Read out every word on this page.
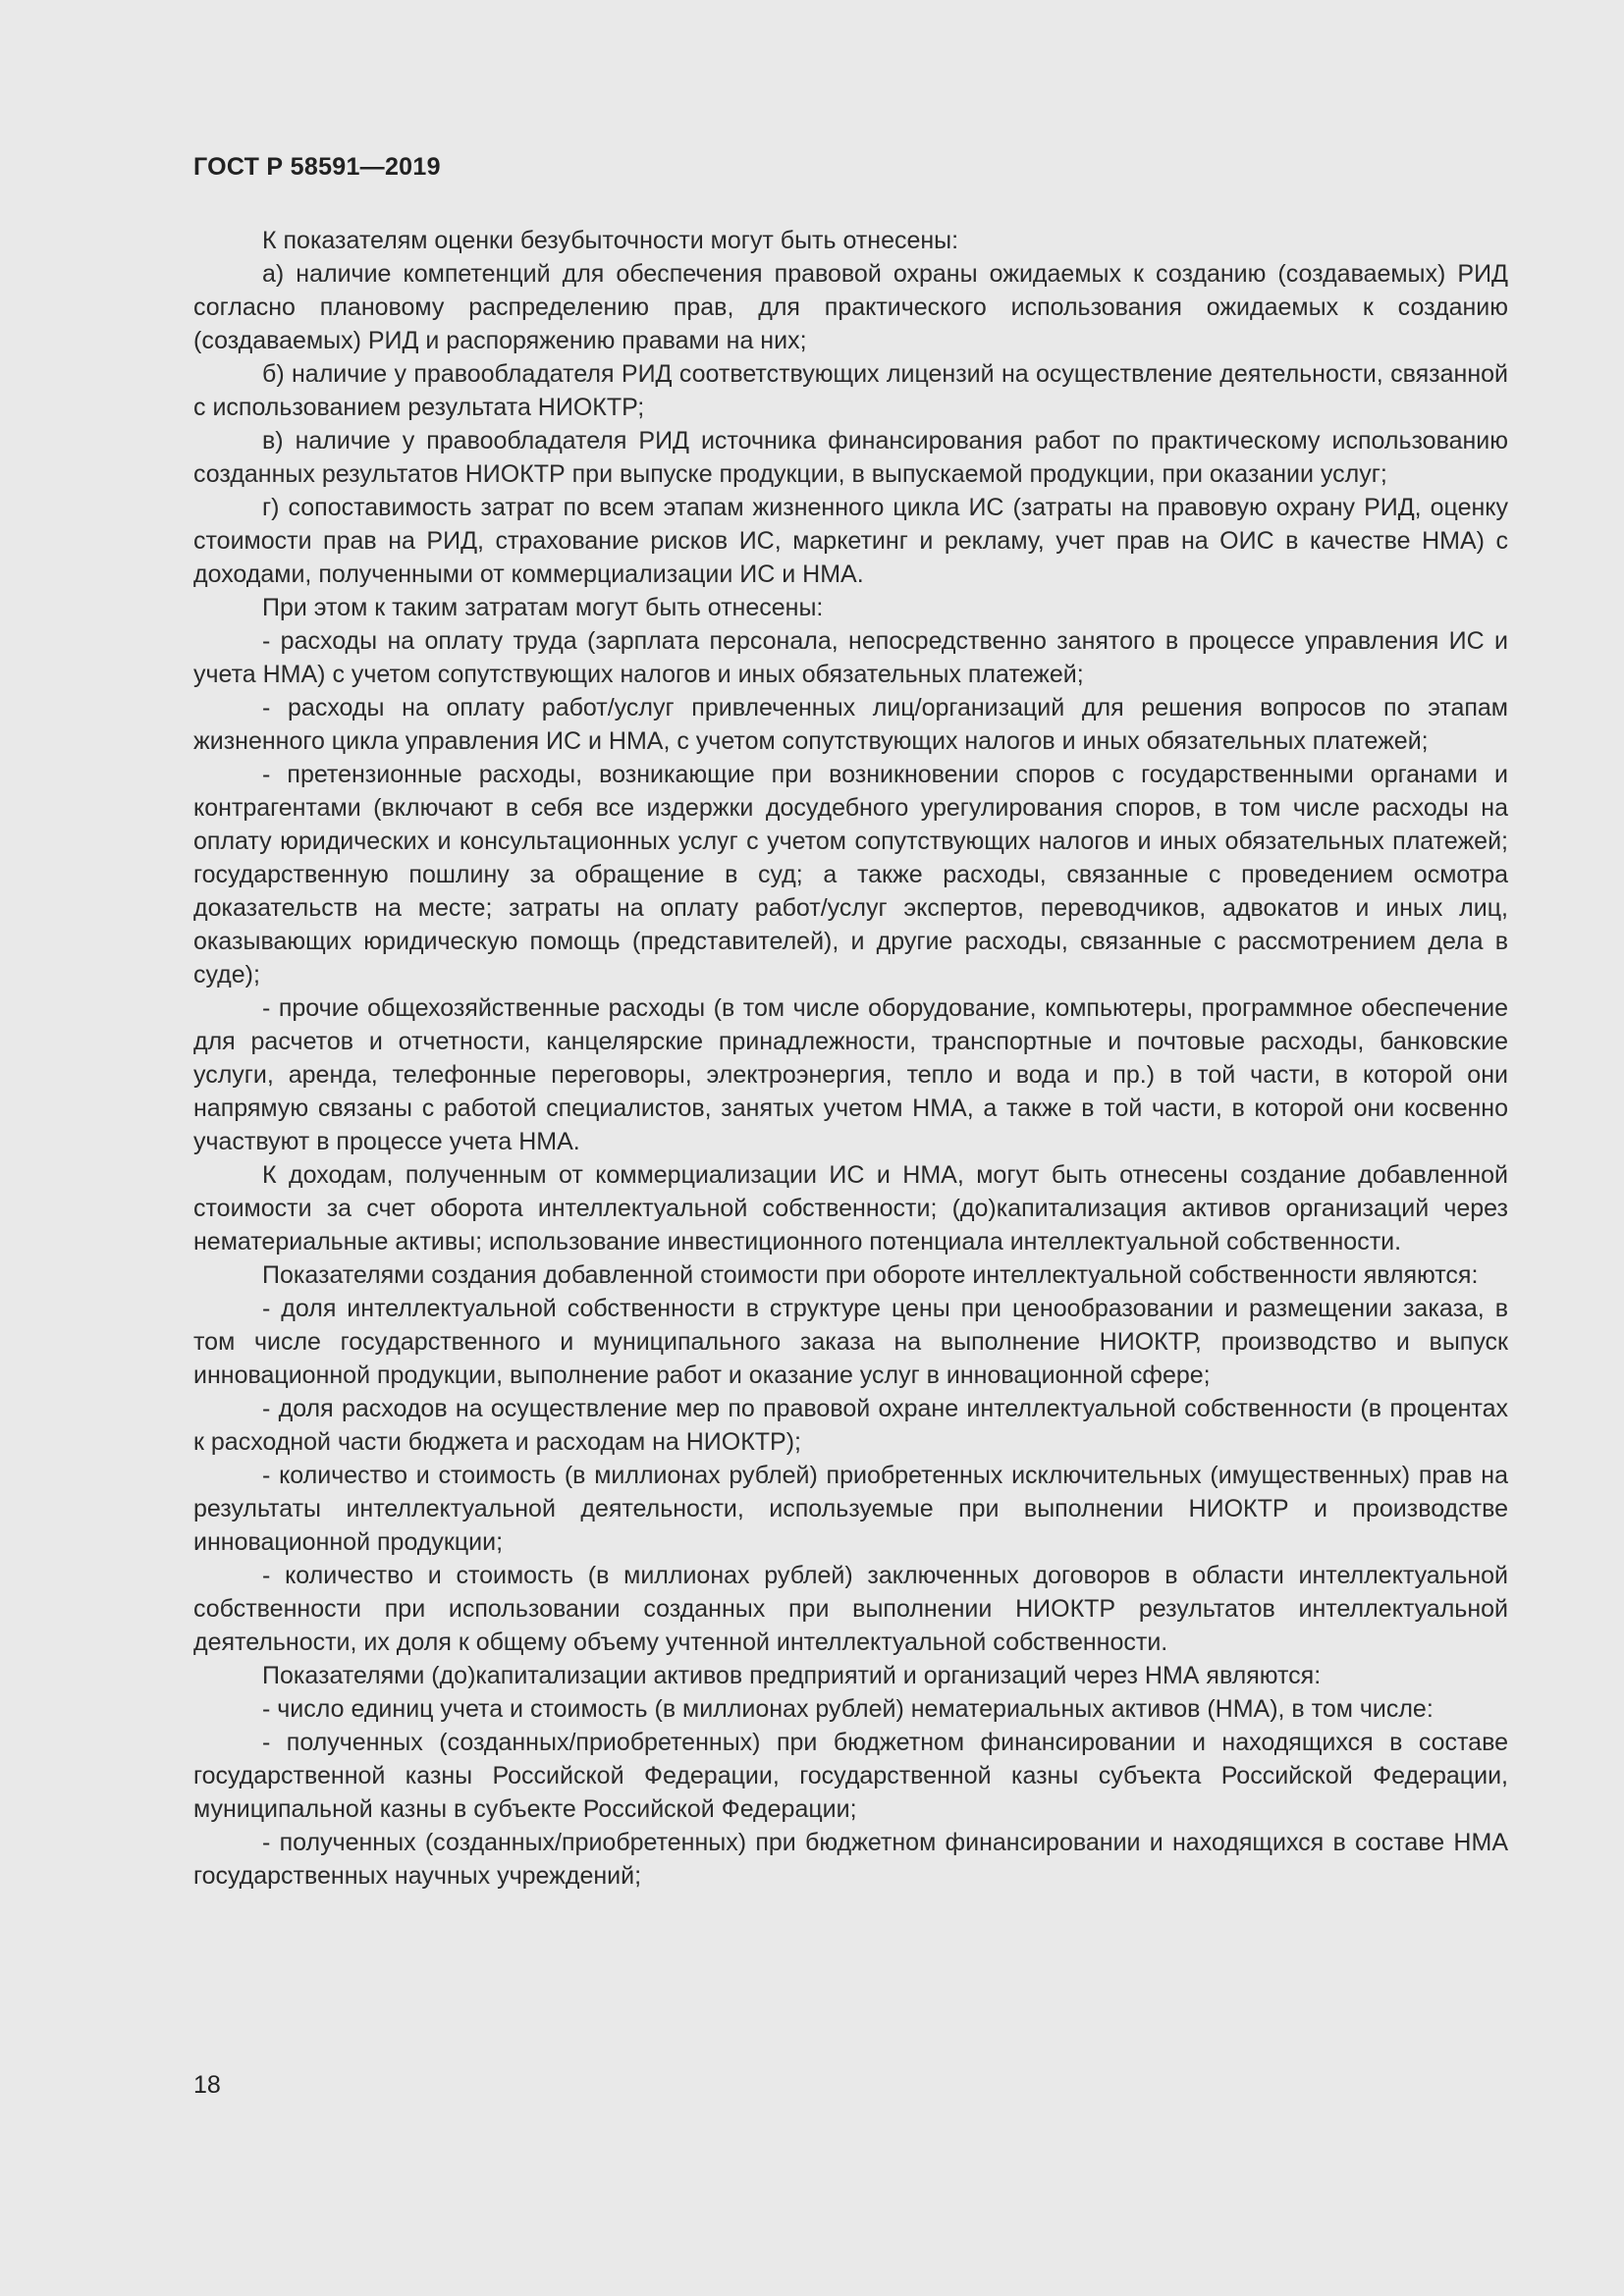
ГОСТ Р 58591—2019

К показателям оценки безубыточности могут быть отнесены:

а) наличие компетенций для обеспечения правовой охраны ожидаемых к созданию (создаваемых) РИД согласно плановому распределению прав, для практического использования ожидаемых к созданию (создаваемых) РИД и распоряжению правами на них;

б) наличие у правообладателя РИД соответствующих лицензий на осуществление деятельности, связанной с использованием результата НИОКТР;

в) наличие у правообладателя РИД источника финансирования работ по практическому использованию созданных результатов НИОКТР при выпуске продукции, в выпускаемой продукции, при оказании услуг;

г) сопоставимость затрат по всем этапам жизненного цикла ИС (затраты на правовую охрану РИД, оценку стоимости прав на РИД, страхование рисков ИС, маркетинг и рекламу, учет прав на ОИС в качестве НМА) с доходами, полученными от коммерциализации ИС и НМА.

При этом к таким затратам могут быть отнесены:

- расходы на оплату труда (зарплата персонала, непосредственно занятого в процессе управления ИС и учета НМА) с учетом сопутствующих налогов и иных обязательных платежей;

- расходы на оплату работ/услуг привлеченных лиц/организаций для решения вопросов по этапам жизненного цикла управления ИС и НМА, с учетом сопутствующих налогов и иных обязательных платежей;

- претензионные расходы, возникающие при возникновении споров с государственными органами и контрагентами (включают в себя все издержки досудебного урегулирования споров, в том числе расходы на оплату юридических и консультационных услуг с учетом сопутствующих налогов и иных обязательных платежей; государственную пошлину за обращение в суд; а также расходы, связанные с проведением осмотра доказательств на месте; затраты на оплату работ/услуг экспертов, переводчиков, адвокатов и иных лиц, оказывающих юридическую помощь (представителей), и другие расходы, связанные с рассмотрением дела в суде);

- прочие общехозяйственные расходы (в том числе оборудование, компьютеры, программное обеспечение для расчетов и отчетности, канцелярские принадлежности, транспортные и почтовые расходы, банковские услуги, аренда, телефонные переговоры, электроэнергия, тепло и вода и пр.) в той части, в которой они напрямую связаны с работой специалистов, занятых учетом НМА, а также в той части, в которой они косвенно участвуют в процессе учета НМА.

К доходам, полученным от коммерциализации ИС и НМА, могут быть отнесены создание добавленной стоимости за счет оборота интеллектуальной собственности; (до)капитализация активов организаций через нематериальные активы; использование инвестиционного потенциала интеллектуальной собственности.

Показателями создания добавленной стоимости при обороте интеллектуальной собственности являются:

- доля интеллектуальной собственности в структуре цены при ценообразовании и размещении заказа, в том числе государственного и муниципального заказа на выполнение НИОКТР, производство и выпуск инновационной продукции, выполнение работ и оказание услуг в инновационной сфере;

- доля расходов на осуществление мер по правовой охране интеллектуальной собственности (в процентах к расходной части бюджета и расходам на НИОКТР);

- количество и стоимость (в миллионах рублей) приобретенных исключительных (имущественных) прав на результаты интеллектуальной деятельности, используемые при выполнении НИОКТР и производстве инновационной продукции;

- количество и стоимость (в миллионах рублей) заключенных договоров в области интеллектуальной собственности при использовании созданных при выполнении НИОКТР результатов интеллектуальной деятельности, их доля к общему объему учтенной интеллектуальной собственности.

Показателями (до)капитализации активов предприятий и организаций через НМА являются:

- число единиц учета и стоимость (в миллионах рублей) нематериальных активов (НМА), в том числе:

- полученных (созданных/приобретенных) при бюджетном финансировании и находящихся в составе государственной казны Российской Федерации, государственной казны субъекта Российской Федерации, муниципальной казны в субъекте Российской Федерации;

- полученных (созданных/приобретенных) при бюджетном финансировании и находящихся в составе НМА государственных научных учреждений;

18
